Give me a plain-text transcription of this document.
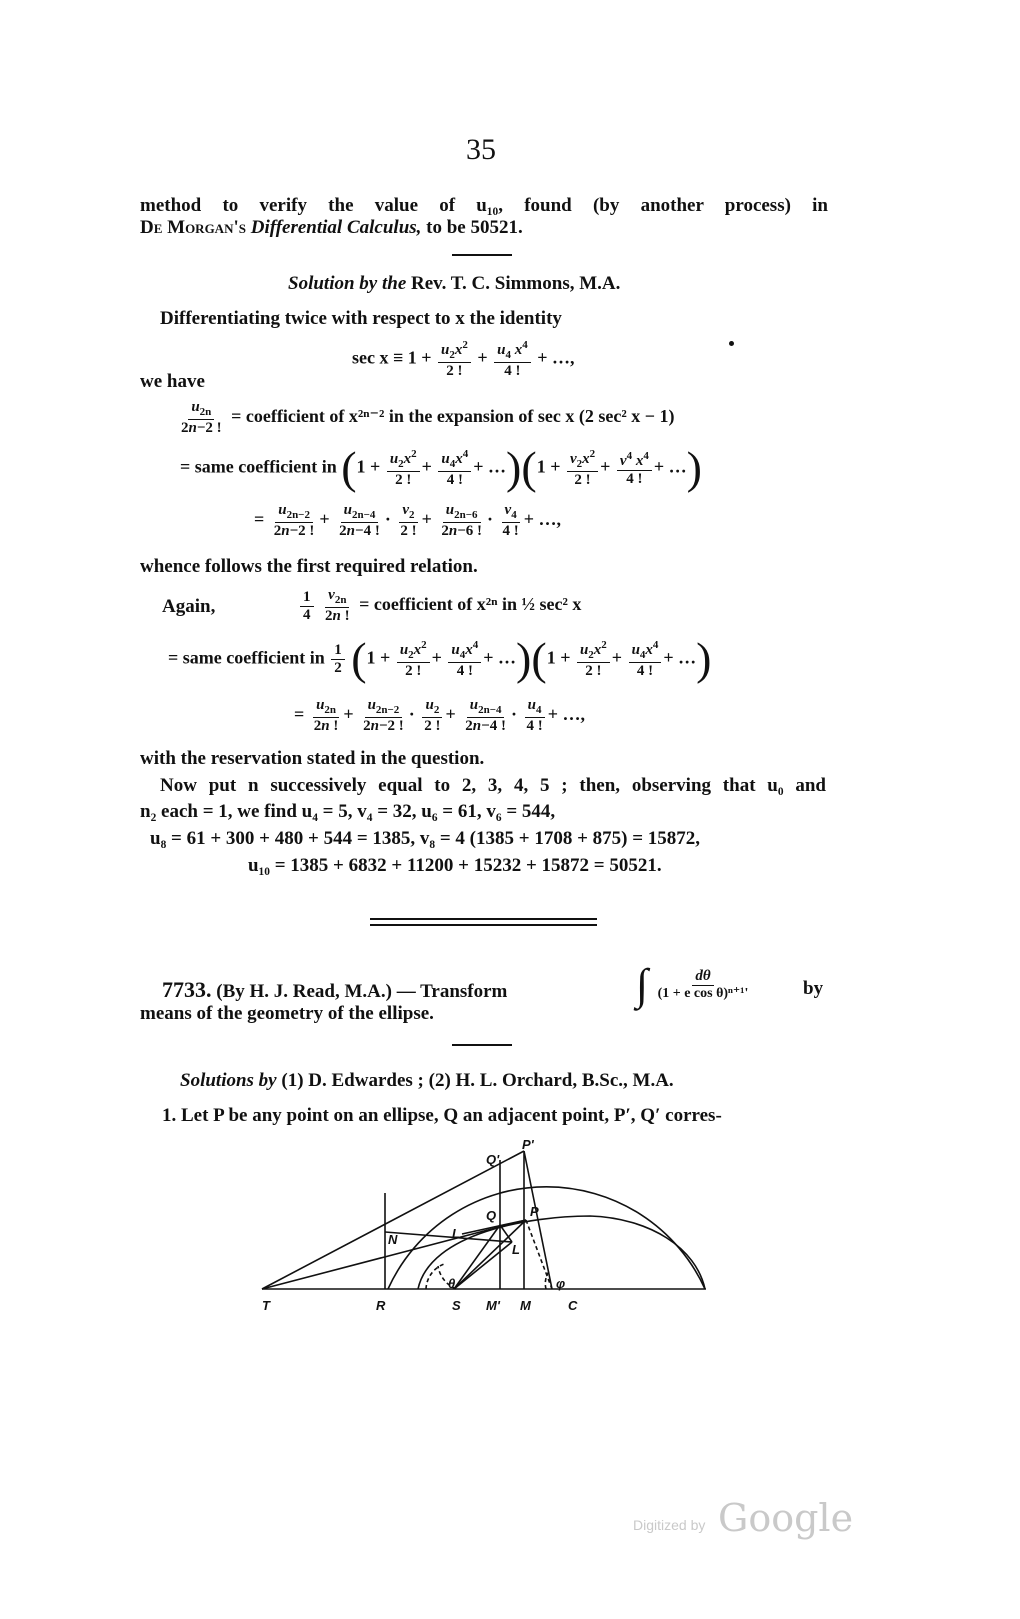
35
method to verify the value of u₁₀, found (by another process) in
De Morgan's Differential Calculus, to be 50521.
Solution by the Rev. T. C. Simmons, M.A.
Differentiating twice with respect to x the identity
$\sec x \equiv 1 + \frac{u_2x^2}{2 !} + \frac{u_4 x^4}{4 !}$ + …,
we have
$\frac{u_{2n}}{2n-2 !}$ = coefficient of x²ⁿ⁻² in the expansion of sec x (2 sec² x − 1)
= same coefficient in ($1 + \frac{u_2x^2}{2 !} + \frac{u_4x^4}{4 !}$ + …)(1 + $\frac{v_2x^2}{2 !} + \frac{v^4 x^4}{4 !}$ + …)
= $\frac{u_{2n-2}}{2n-2 !} + \frac{u_{2n-4}}{2n-4 !} \cdot \frac{v_2}{2 !} + \frac{u_{2n-6}}{2n-6 !} \cdot \frac{v_4}{4 !}$ + …,
whence follows the first required relation.
Again,	$\frac{1}{4}$
$\frac{v_{2n}}{2n !}$ = coefficient of x²ⁿ in ½ sec² x
= same coefficient in $\frac{1}{2} (1 + \frac{u_2x^2}{2 !} + \frac{u_4x^4}{4 !}$ + …)(1 + $\frac{u_2x^2}{2 !} + \frac{u_4x^4}{4 !}$ + …)
= $\frac{u_{2n}}{2n !} + \frac{u_{2n-2}}{2n-2 !} \cdot \frac{u_2}{2 !} + \frac{u_{2n-4}}{2n-4 !} \cdot \frac{u_4}{4 !}$ + …,
with the reservation stated in the question.
Now put n successively equal to 2, 3, 4, 5 ; then, observing that u₀ and
n₂ each = 1, we find u₄ = 5, v₄ = 32, u₆ = 61, v₆ = 544,
u₈ = 61 + 300 + 480 + 544 = 1385, v₈ = 4 (1385 + 1708 + 875) = 15872,
u₁₀ = 1385 + 6832 + 11200 + 15232 + 15872 = 50521.
7733. (By H. J. Read, M.A.) — Transform	∫ $\frac{d\theta}{\text{(1 + e cos θ)ⁿ⁺¹'}}$	by
means of the geometry of the ellipse.
Solutions by (1) D. Edwardes ; (2) H. L. Orchard, B.Sc., M.A.
1. Let P be any point on an ellipse, Q an adjacent point, P′, Q′ corres-
Q'
P'
Q	P
N	L
L
θ	φ
T	R	S M' M	C
Digitized by Google
